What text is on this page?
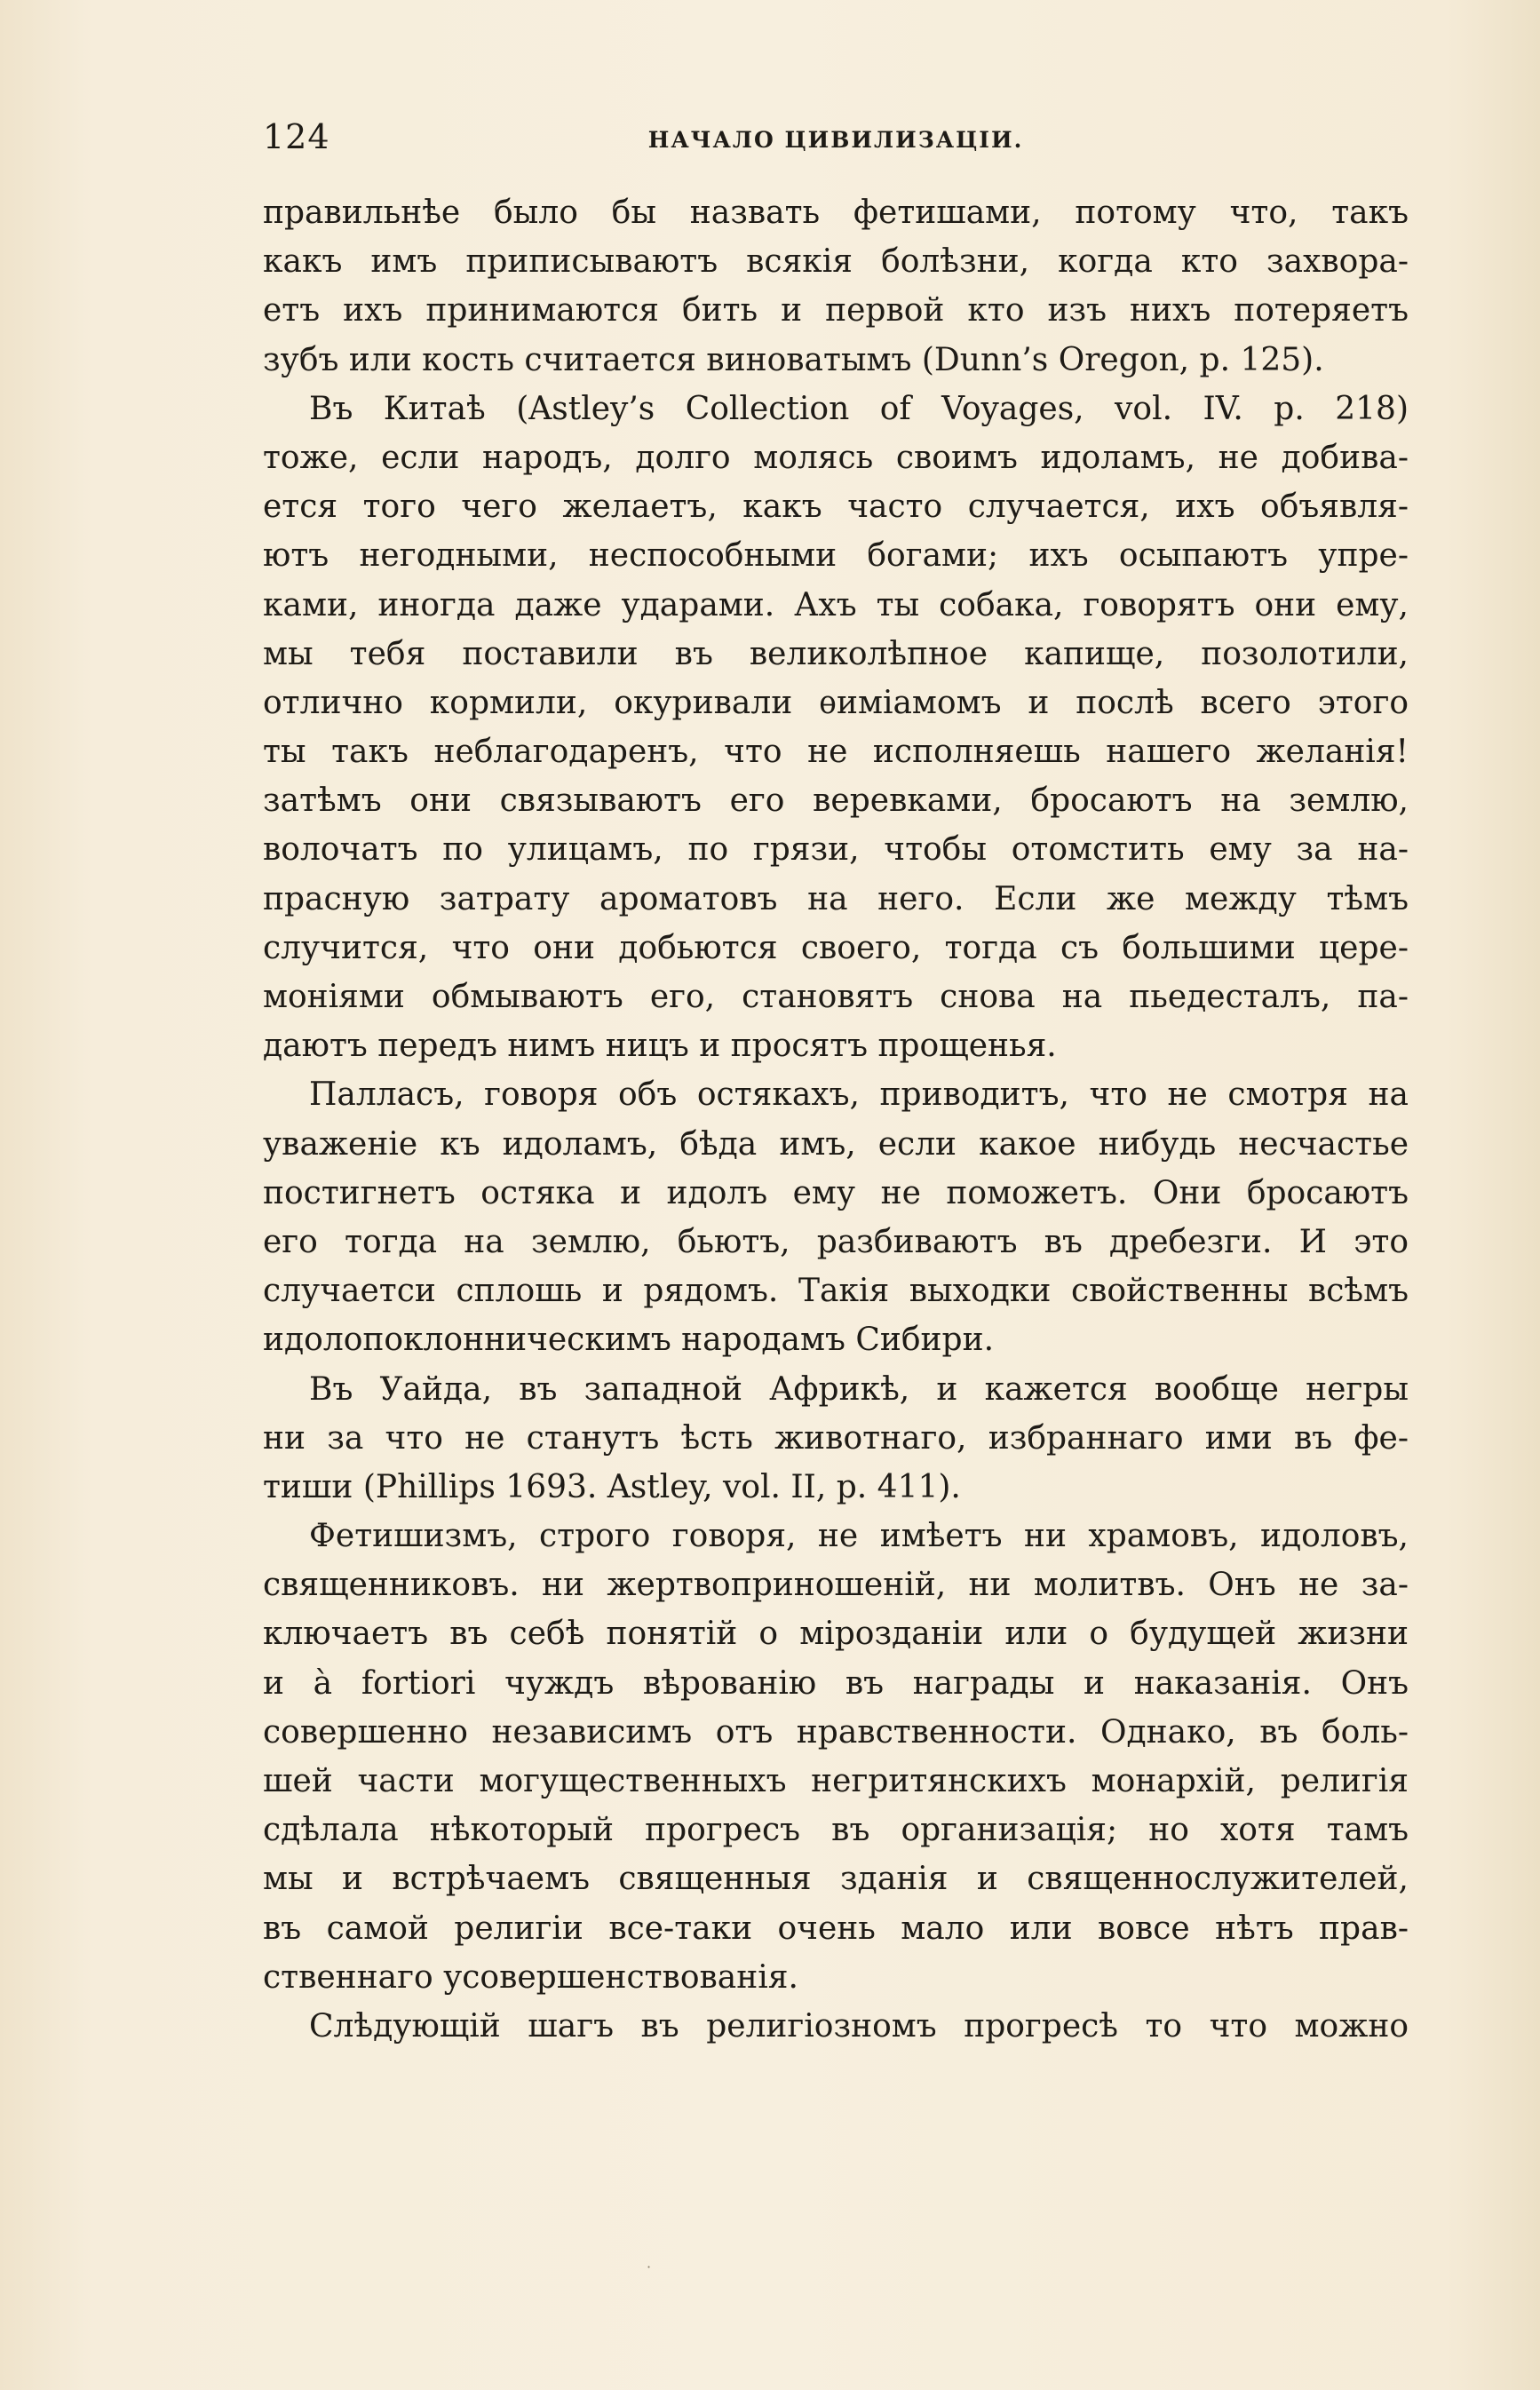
124	НАЧАЛО ЦИВИЛИЗАЦІИ.
правильнѣе было бы назвать фетишами, потому что, такъ
какъ имъ приписываютъ всякія болѣзни, когда кто захвора-
етъ ихъ принимаются бить и первой кто изъ нихъ потеряетъ
зубъ или кость считается виноватымъ (Dunn’s Oregon, p. 125).
Въ Китаѣ (Astley’s Collection of Voyages, vol. IV. p. 218)
тоже, если народъ, долго молясь своимъ идоламъ, не добива-
ется того чего желаетъ, какъ часто случается, ихъ объявля-
ютъ негодными, неспособными богами; ихъ осыпаютъ упре-
ками, иногда даже ударами. Ахъ ты собака, говорятъ они ему,
мы тебя поставили въ великолѣпное капище, позолотили,
отлично кормили, окуривали ѳиміамомъ и послѣ всего этого
ты такъ неблагодаренъ, что не исполняешь нашего желанія!
затѣмъ они связываютъ его веревками, бросаютъ на землю,
волочатъ по улицамъ, по грязи, чтобы отомстить ему за на-
прасную затрату ароматовъ на него. Если же между тѣмъ
случится, что они добьются своего, тогда съ большими цере-
моніями обмываютъ его, становятъ снова на пьедесталъ, па-
даютъ передъ нимъ ницъ и просятъ прощенья.
Палласъ, говоря объ остякахъ, приводитъ, что не смотря на
уваженіе къ идоламъ, бѣда имъ, если какое нибудь несчастье
постигнетъ остяка и идолъ ему не поможетъ. Они бросаютъ
его тогда на землю, бьютъ, разбиваютъ въ дребезги. И это
случаетси сплошь и рядомъ. Такія выходки свойственны всѣмъ
идолопоклонническимъ народамъ Сибири.
Въ Уайда, въ западной Африкѣ, и кажется вообще негры
ни за что не станутъ ѣсть животнаго, избраннаго ими въ фе-
тиши (Phillips 1693. Astley, vol. II, p. 411).
Фетишизмъ, строго говоря, не имѣетъ ни храмовъ, идоловъ,
священниковъ. ни жертвоприношеній, ни молитвъ. Онъ не за-
ключаетъ въ себѣ понятій о мірозданіи или о будущей жизни
и à fortiori чуждъ вѣрованію въ награды и наказанія. Онъ
совершенно независимъ отъ нравственности. Однако, въ боль-
шей части могущественныхъ негритянскихъ монархій, религія
сдѣлала нѣкоторый прогресъ въ организація; но хотя тамъ
мы и встрѣчаемъ священныя зданія и священнослужителей,
въ самой религіи все-таки очень мало или вовсе нѣтъ прав-
ственнаго усовершенствованія.
Слѣдующій шагъ въ религіозномъ прогресѣ то что можно
·
